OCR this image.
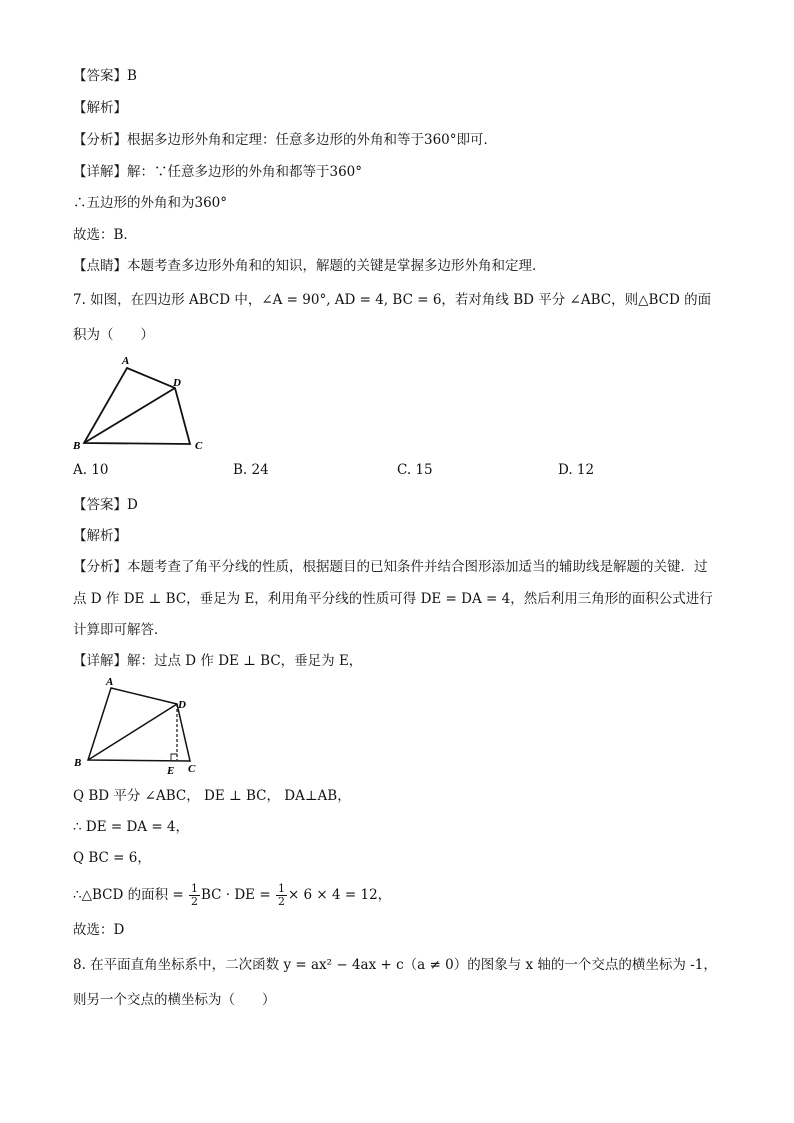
【答案】B
【解析】
【分析】根据多边形外角和定理：任意多边形的外角和等于360°即可．
【详解】解：∵任意多边形的外角和都等于360°
∴五边形的外角和为360°
故选：B．
【点睛】本题考查多边形外角和的知识，解题的关键是掌握多边形外角和定理．
7. 如图，在四边形 ABCD 中，∠A = 90°, AD = 4, BC = 6，若对角线 BD 平分 ∠ABC，则△BCD 的面
积为（　　）
A
D
B	C
A. 10	B. 24	C. 15	D. 12
【答案】D
【解析】
【分析】本题考查了角平分线的性质，根据题目的已知条件并结合图形添加适当的辅助线是解题的关键．过
点 D 作 DE ⊥ BC，垂足为 E，利用角平分线的性质可得 DE = DA = 4，然后利用三角形的面积公式进行
计算即可解答．
【详解】解：过点 D 作 DE ⊥ BC，垂足为 E，
A
D
B
E C
Q BD 平分 ∠ABC， DE ⊥ BC， DA⊥AB，
∴ DE = DA = 4，
Q BC = 6，
∴△BCD 的面积 = $\frac{1}{2}$ BC · DE = $\frac{1}{2} \times 6 \times 4 = 12$，
故选：D
8. 在平面直角坐标系中，二次函数 y = ax² − 4ax + c（a ≠ 0）的图象与 x 轴的一个交点的横坐标为 -1，
则另一个交点的横坐标为（　　）
